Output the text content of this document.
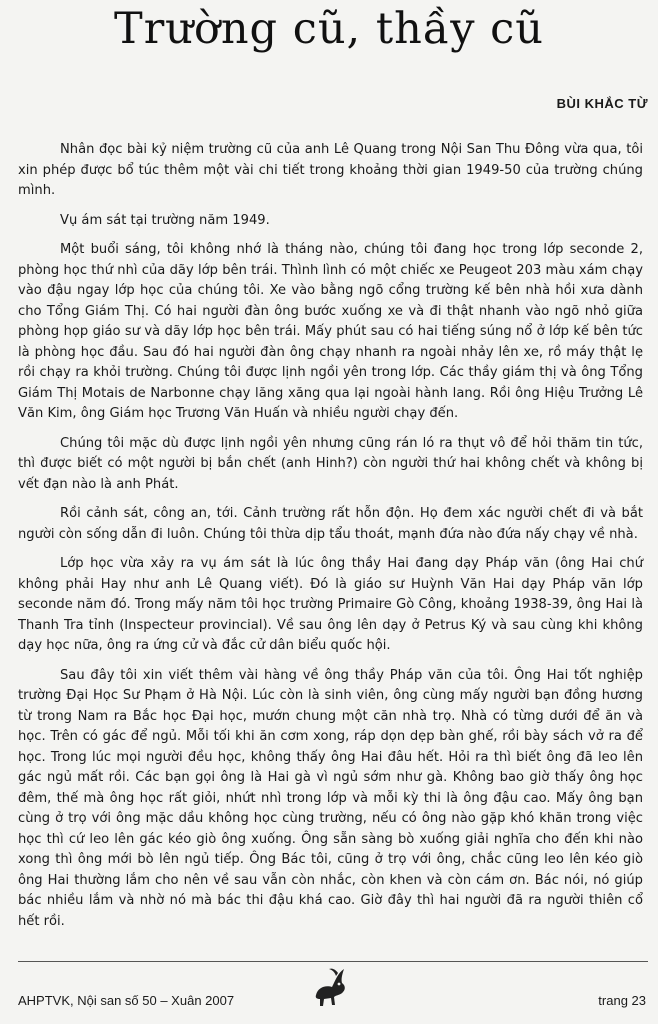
Trường cũ, thầy cũ
BÙI KHẮC TỪ

Nhân đọc bài kỷ niệm trường cũ của anh Lê Quang trong Nội San Thu Đông vừa qua, tôi xin phép được bổ túc thêm một vài chi tiết trong khoảng thời gian 1949-50 của trường chúng mình.

Vụ ám sát tại trường năm 1949.

Một buổi sáng, tôi không nhớ là tháng nào, chúng tôi đang học trong lớp seconde 2, phòng học thứ nhì của dãy lớp bên trái. Thình lình có một chiếc xe Peugeot 203 màu xám chạy vào đậu ngay lớp học của chúng tôi. Xe vào bằng ngõ cổng trường kế bên nhà hồi xưa dành cho Tổng Giám Thị. Có hai người đàn ông bước xuống xe và đi thật nhanh vào ngõ nhỏ giữa phòng họp giáo sư và dãy lớp học bên trái. Mấy phút sau có hai tiếng súng nổ ở lớp kế bên tức là phòng học đầu. Sau đó hai người đàn ông chạy nhanh ra ngoài nhảy lên xe, rồ máy thật lẹ rồi chạy ra khỏi trường. Chúng tôi được lịnh ngồi yên trong lớp. Các thầy giám thị và ông Tổng Giám Thị Motais de Narbonne chạy lăng xăng qua lại ngoài hành lang. Rồi ông Hiệu Trưởng Lê Văn Kim, ông Giám học Trương Văn Huấn và nhiều người chạy đến.

Chúng tôi mặc dù được lịnh ngồi yên nhưng cũng rán ló ra thụt vô để hỏi thăm tin tức, thì được biết có một người bị bắn chết (anh Hinh?) còn người thứ hai không chết và không bị vết đạn nào là anh Phát.

Rồi cảnh sát, công an, tới. Cảnh trường rất hỗn độn. Họ đem xác người chết đi và bắt người còn sống dẫn đi luôn. Chúng tôi thừa dịp tẩu thoát, mạnh đứa nào đứa nấy chạy về nhà.

Lớp học vừa xảy ra vụ ám sát là lúc ông thầy Hai đang dạy Pháp văn (ông Hai chứ không phải Hay như anh Lê Quang viết). Đó là giáo sư Huỳnh Văn Hai dạy Pháp văn lớp seconde năm đó. Trong mấy năm tôi học trường Primaire Gò Công, khoảng 1938-39, ông Hai là Thanh Tra tỉnh (Inspecteur provincial). Về sau ông lên dạy ở Petrus Ký và sau cùng khi không dạy học nữa, ông ra ứng cử và đắc cử dân biểu quốc hội.

Sau đây tôi xin viết thêm vài hàng về ông thầy Pháp văn của tôi. Ông Hai tốt nghiệp trường Đại Học Sư Phạm ở Hà Nội. Lúc còn là sinh viên, ông cùng mấy người bạn đồng hương từ trong Nam ra Bắc học Đại học, mướn chung một căn nhà trọ. Nhà có từng dưới để ăn và học. Trên có gác để ngủ. Mỗi tối khi ăn cơm xong, ráp dọn dẹp bàn ghế, rồi bày sách vở ra để học. Trong lúc mọi người đều học, không thấy ông Hai đâu hết. Hỏi ra thì biết ông đã leo lên gác ngủ mất rồi. Các bạn gọi ông là Hai gà vì ngủ sớm như gà. Không bao giờ thấy ông học đêm, thế mà ông học rất giỏi, nhứt nhì trong lớp và mỗi kỳ thi là ông đậu cao. Mấy ông bạn cùng ở trọ với ông mặc dầu không học cùng trường, nếu có ông nào gặp khó khăn trong việc học thì cứ leo lên gác kéo giò ông xuống. Ông sẵn sàng bò xuống giải nghĩa cho đến khi nào xong thì ông mới bò lên ngủ tiếp. Ông Bác tôi, cũng ở trọ với ông, chắc cũng leo lên kéo giò ông Hai thường lắm cho nên về sau vẫn còn nhắc, còn khen và còn cám ơn. Bác nói, nó giúp bác nhiều lắm và nhờ nó mà bác thi đậu khá cao. Giờ đây thì hai người đã ra người thiên cổ hết rồi.

AHPTVK, Nội san số 50 – Xuân 2007	trang 23
